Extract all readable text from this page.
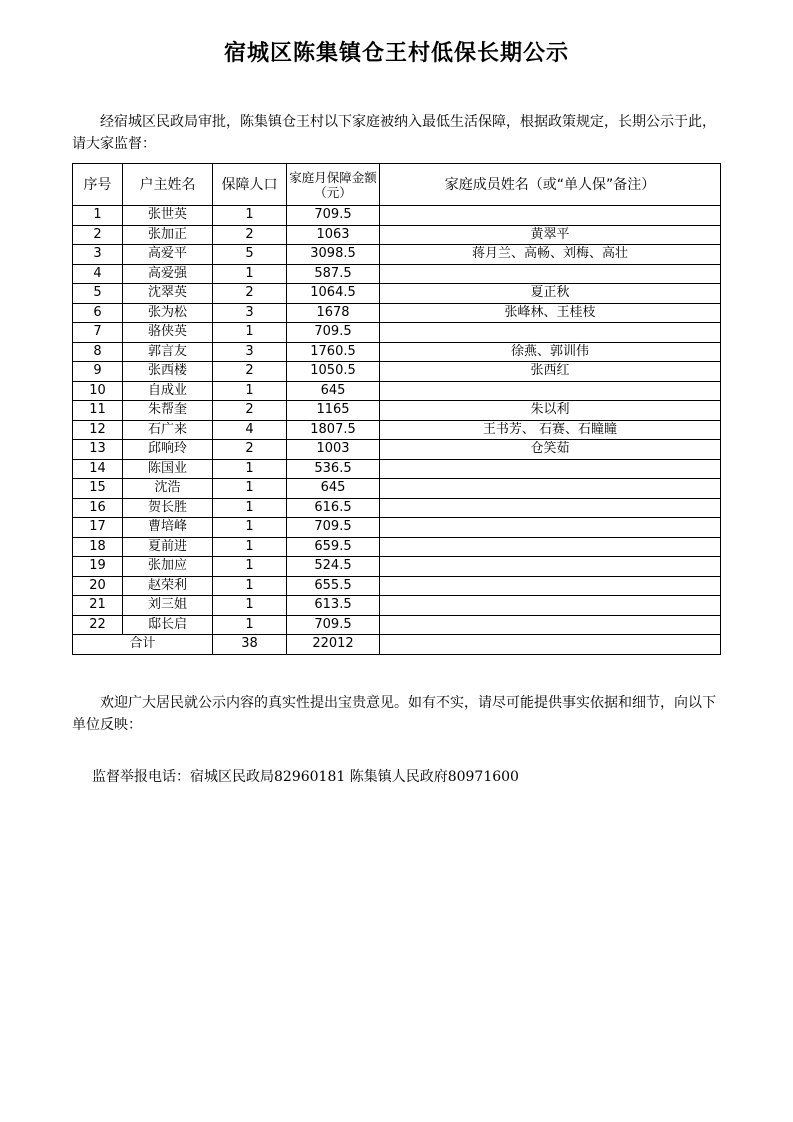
宿城区陈集镇仓王村低保长期公示
经宿城区民政局审批，陈集镇仓王村以下家庭被纳入最低生活保障，根据政策规定，长期公示于此，请大家监督：
序号	户主姓名	保障人口	家庭月保障金额（元）	家庭成员姓名（或“单人保”备注）
1	张世英	1	709.5	
2	张加正	2	1063	黄翠平
3	高爱平	5	3098.5	蒋月兰、高畅、刘梅、高壮
4	高爱强	1	587.5	
5	沈翠英	2	1064.5	夏正秋
6	张为松	3	1678	张峰林、王桂枝
7	骆侠英	1	709.5	
8	郭言友	3	1760.5	徐燕、郭训伟
9	张西楼	2	1050.5	张西红
10	自成业	1	645	
11	朱帮奎	2	1165	朱以利
12	石广来	4	1807.5	王书芳、 石赛、石瞳瞳
13	邱响玲	2	1003	仓笑茹
14	陈国业	1	536.5	
15	沈浩	1	645	
16	贺长胜	1	616.5	
17	曹培峰	1	709.5	
18	夏前进	1	659.5	
19	张加应	1	524.5	
20	赵荣利	1	655.5	
21	刘三姐	1	613.5	
22	邸长启	1	709.5	
合计		38	22012	
欢迎广大居民就公示内容的真实性提出宝贵意见。如有不实，请尽可能提供事实依据和细节，向以下单位反映：
监督举报电话：宿城区民政局82960181 陈集镇人民政府80971600
